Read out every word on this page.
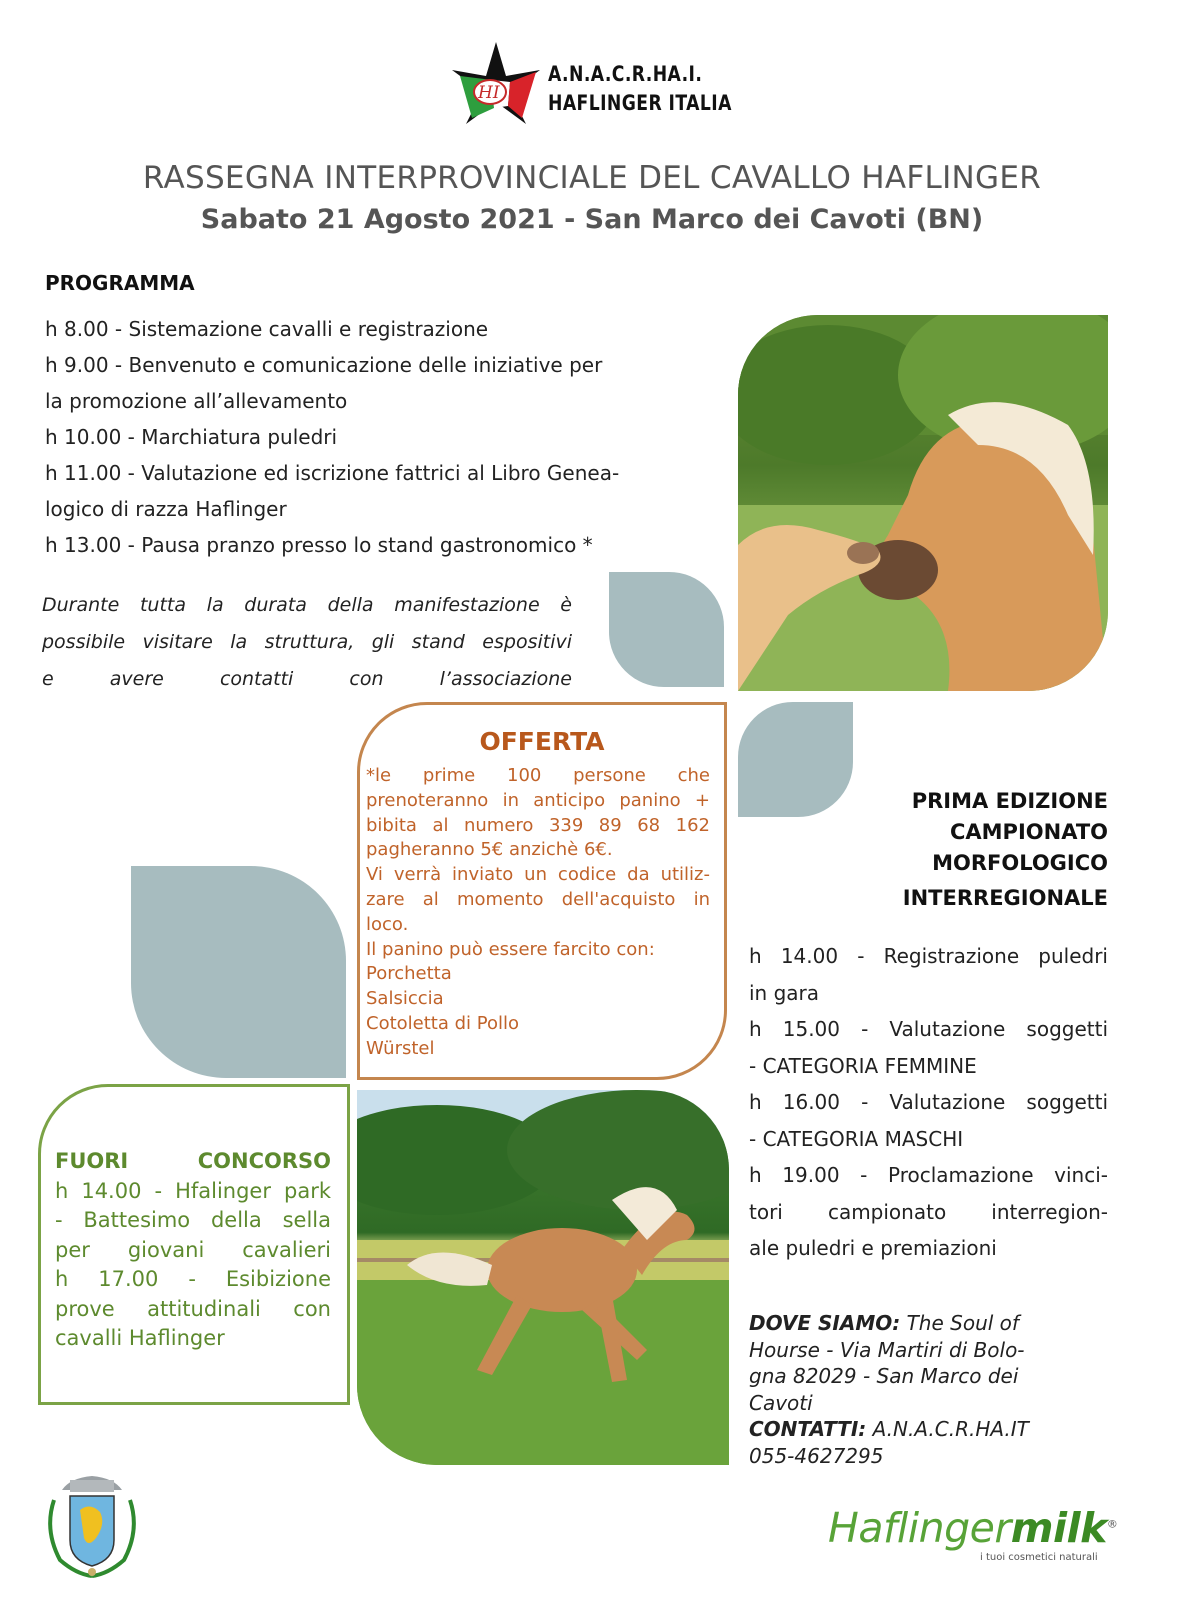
HI
A.N.A.C.R.HA.I.
HAFLINGER ITALIA
RASSEGNA INTERPROVINCIALE DEL CAVALLO HAFLINGER
Sabato 21 Agosto 2021 - San Marco dei Cavoti (BN)
PROGRAMMA
h 8.00 - Sistemazione cavalli e registrazione
h 9.00 - Benvenuto e comunicazione delle iniziative per
la promozione all’allevamento
h 10.00 - Marchiatura puledri
h 11.00 - Valutazione ed iscrizione fattrici al Libro Genea-
logico di razza Haflinger
h 13.00 - Pausa pranzo presso lo stand gastronomico *
Durante tutta la durata della manifestazione è
possibile visitare la struttura, gli stand espositivi
e avere contatti con l’associazione
OFFERTA
*le prime 100 persone che
prenoteranno in anticipo panino +
bibita al numero 339 89 68 162
pagheranno 5€ anzichè 6€.
Vi verrà inviato un codice da utiliz-
zare al momento dell'acquisto in
loco.
Il panino può essere farcito con:
Porchetta
Salsiccia
Cotoletta di Pollo
Würstel
FUORI CONCORSO
h 14.00 - Hfalinger park
- Battesimo della sella
per giovani cavalieri
h 17.00 - Esibizione
prove attitudinali con
cavalli Haflinger
PRIMA EDIZIONE
CAMPIONATO
MORFOLOGICO
INTERREGIONALE
h 14.00 - Registrazione puledri
in gara
h 15.00 - Valutazione soggetti
- CATEGORIA FEMMINE
h 16.00 - Valutazione soggetti
- CATEGORIA MASCHI
h 19.00 - Proclamazione vinci-
tori campionato interregion-
ale puledri e premiazioni
DOVE SIAMO: The Soul of
Hourse - Via Martiri di Bolo-
gna 82029 - San Marco dei
Cavoti
CONTATTI: A.N.A.C.R.HA.IT
055-4627295
Haflingermilk®
i tuoi cosmetici naturali
